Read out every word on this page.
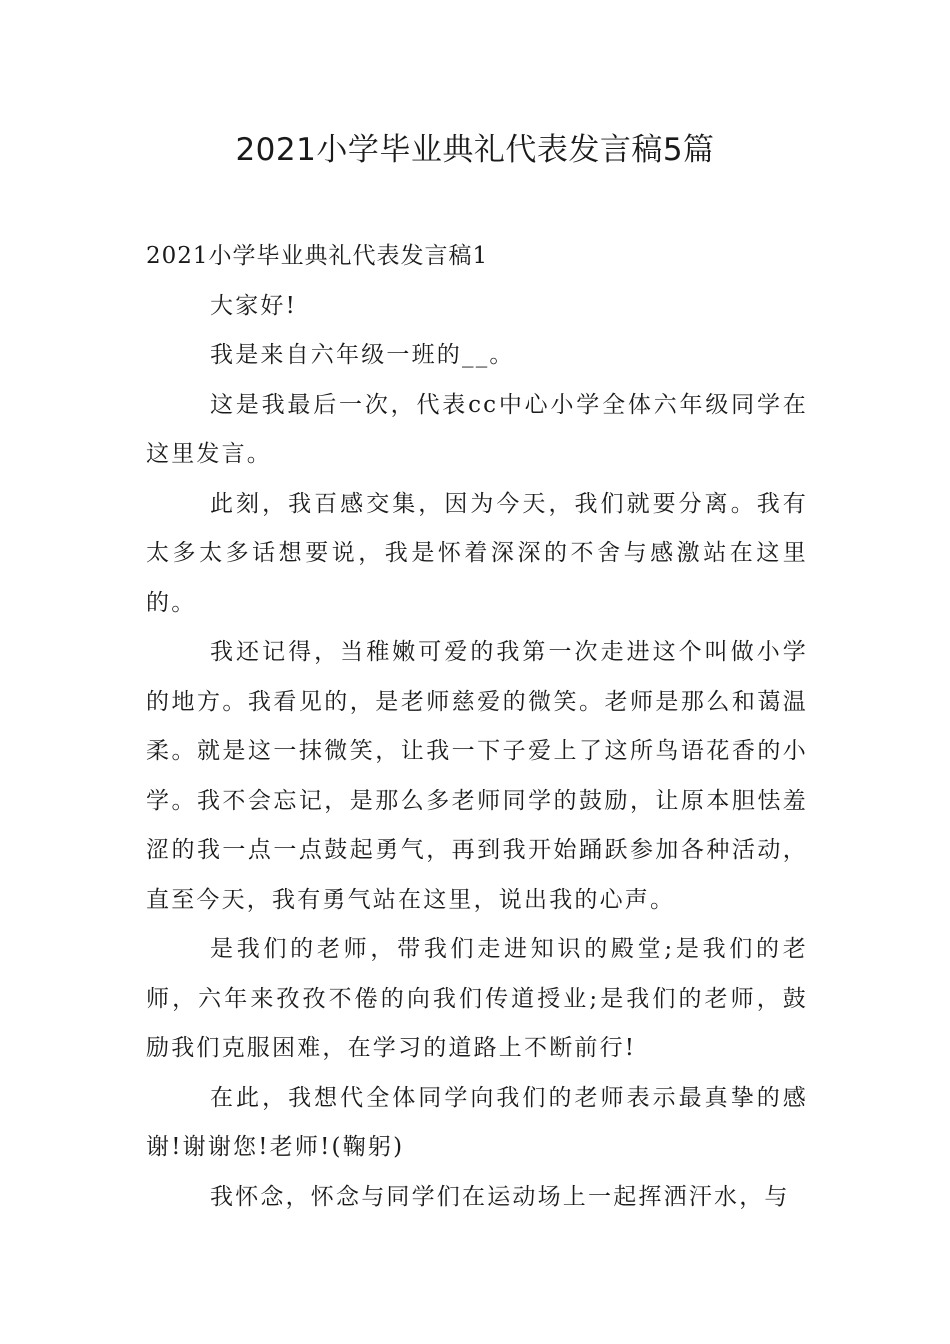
2021小学毕业典礼代表发言稿5篇

2021小学毕业典礼代表发言稿1

大家好!

我是来自六年级一班的__。

这是我最后一次，代表cc中心小学全体六年级同学在这里发言。

此刻，我百感交集，因为今天，我们就要分离。我有太多太多话想要说，我是怀着深深的不舍与感激站在这里的。

我还记得，当稚嫩可爱的我第一次走进这个叫做小学的地方。我看见的，是老师慈爱的微笑。老师是那么和蔼温柔。就是这一抹微笑，让我一下子爱上了这所鸟语花香的小学。我不会忘记，是那么多老师同学的鼓励，让原本胆怯羞涩的我一点一点鼓起勇气，再到我开始踊跃参加各种活动，直至今天，我有勇气站在这里，说出我的心声。

是我们的老师，带我们走进知识的殿堂;是我们的老师，六年来孜孜不倦的向我们传道授业;是我们的老师，鼓励我们克服困难，在学习的道路上不断前行!

在此，我想代全体同学向我们的老师表示最真挚的感谢!谢谢您!老师!(鞠躬)

我怀念，怀念与同学们在运动场上一起挥洒汗水，与
